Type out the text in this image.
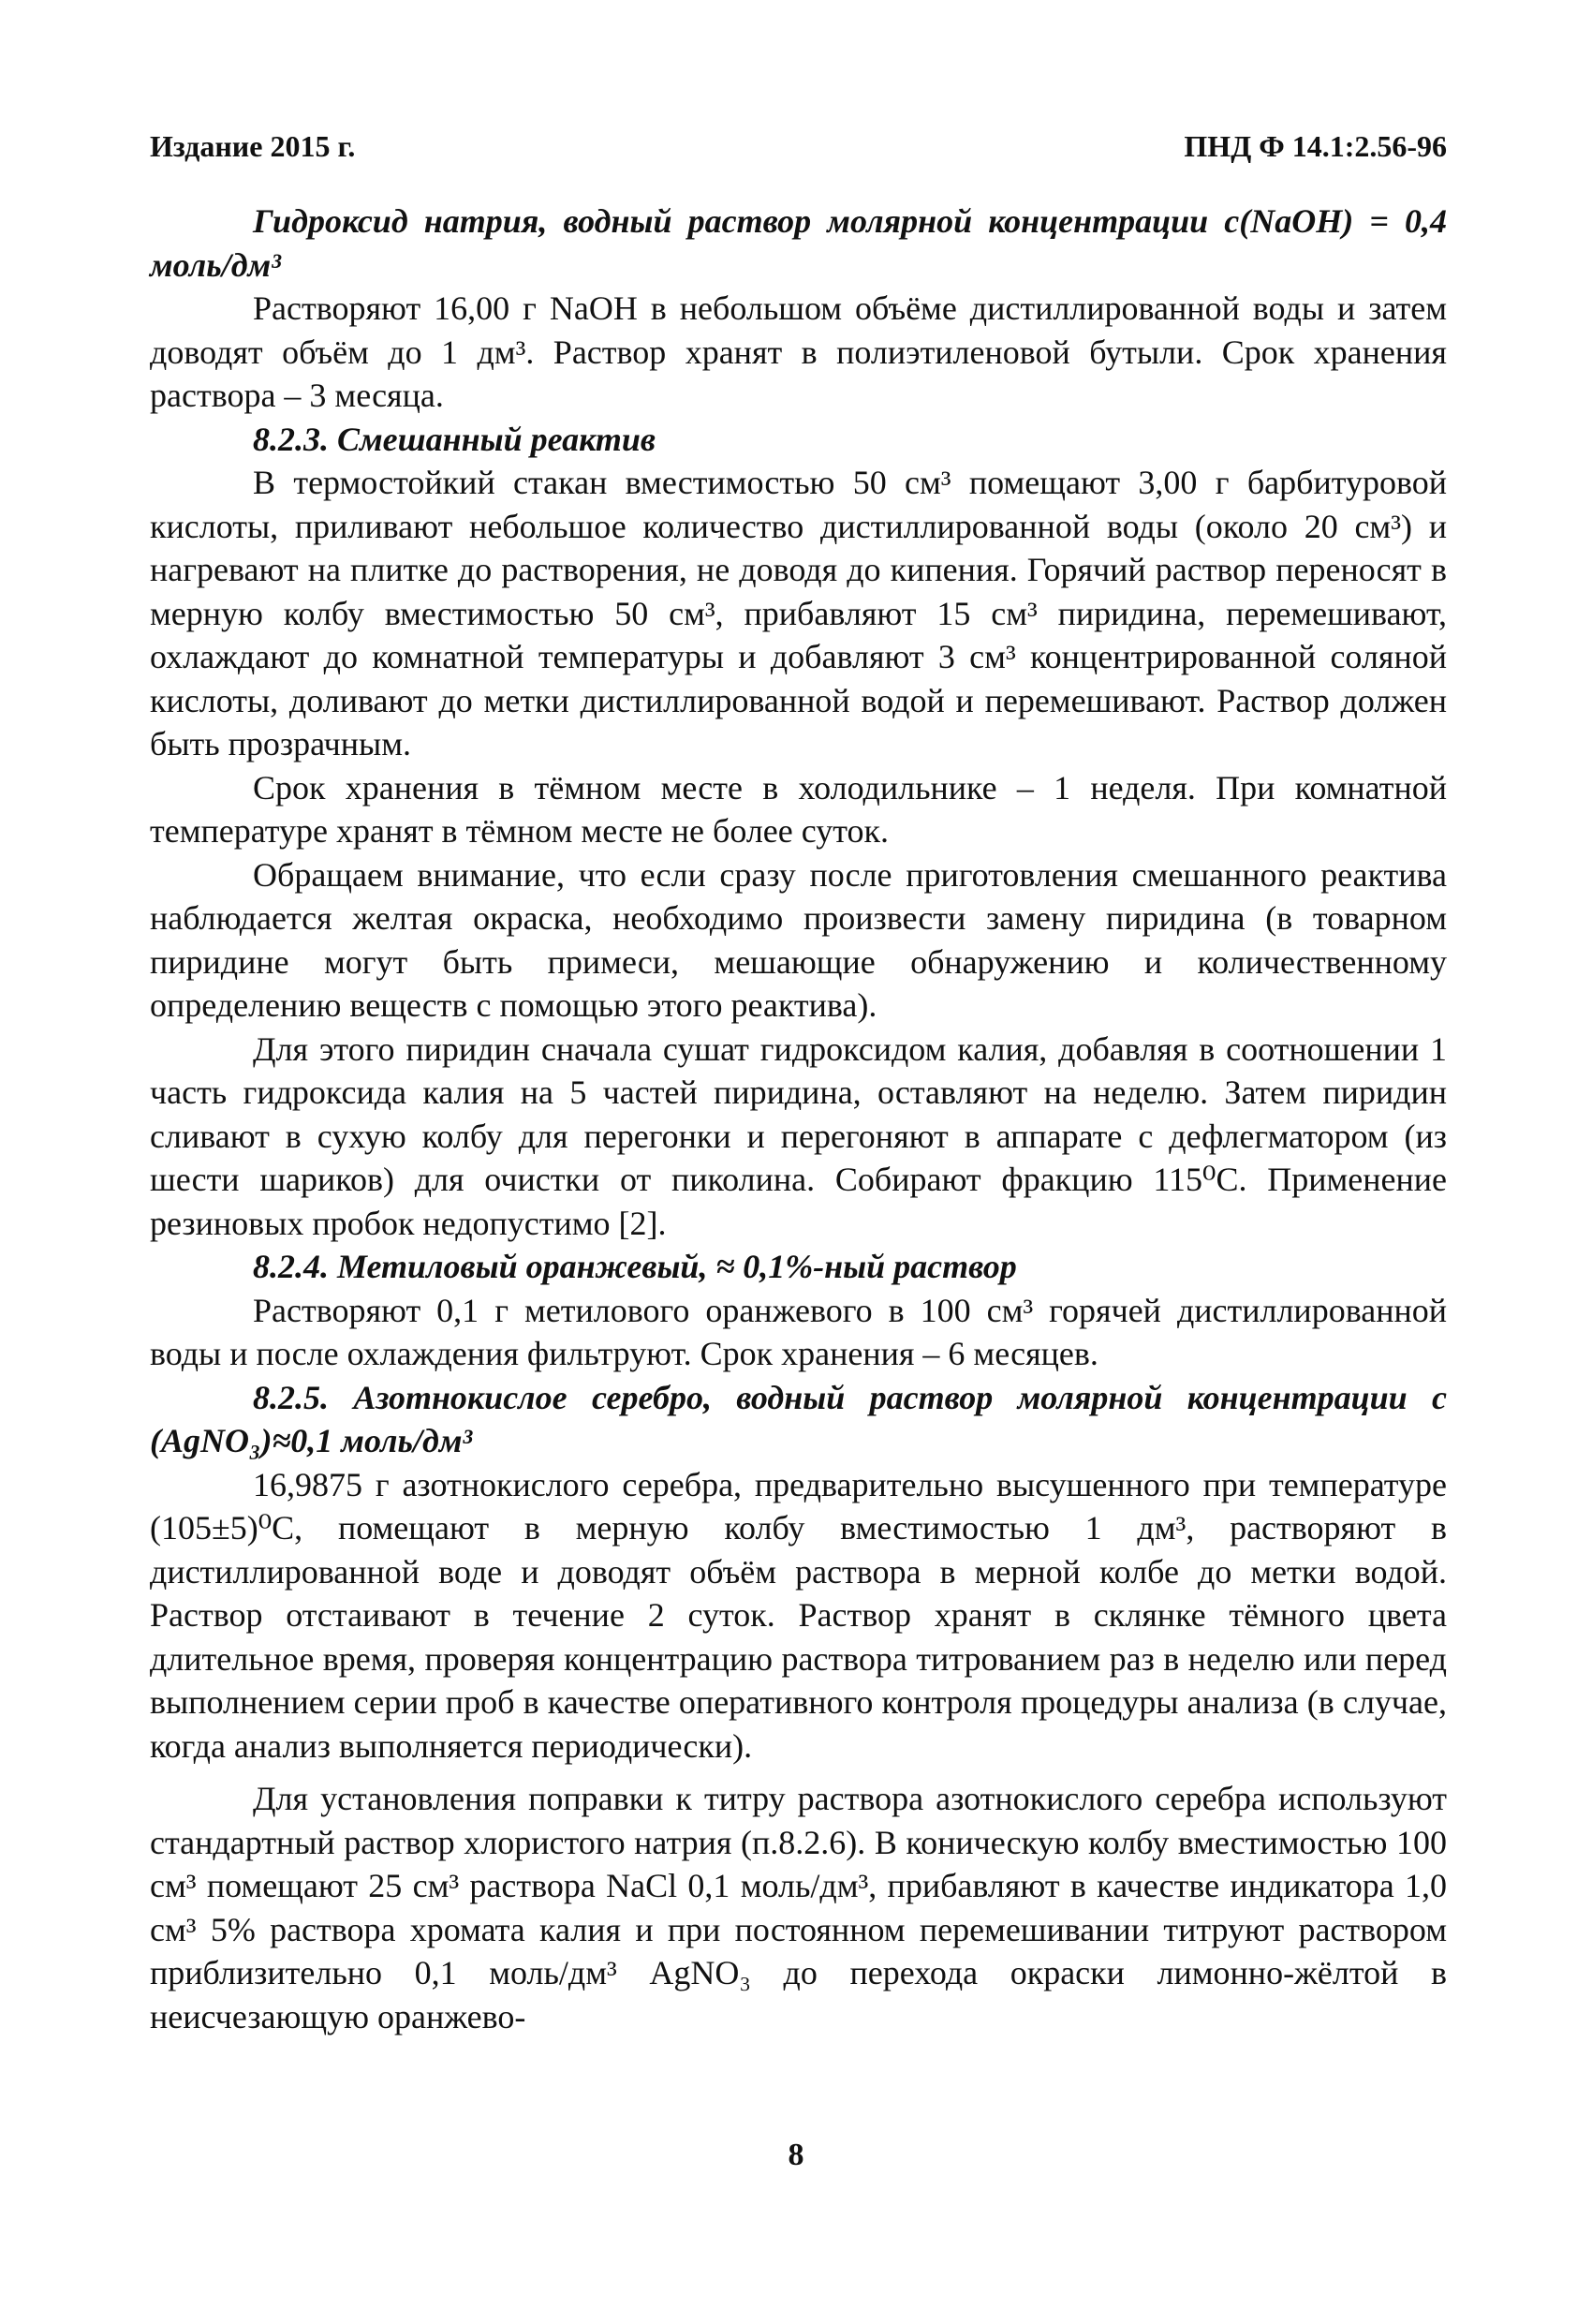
Издание 2015 г.	ПНД Ф 14.1:2.56-96

Гидроксид натрия, водный раствор молярной концентрации c(NaOH) = 0,4 моль/дм³

Растворяют 16,00 г NaOH в небольшом объёме дистиллированной воды и затем доводят объём до 1 дм³. Раствор хранят в полиэтиленовой бутыли. Срок хранения раствора – 3 месяца.

8.2.3. Смешанный реактив

В термостойкий стакан вместимостью 50 см³ помещают 3,00 г барбитуровой кислоты, приливают небольшое количество дистиллированной воды (около 20 см³) и нагревают на плитке до растворения, не доводя до кипения. Горячий раствор переносят в мерную колбу вместимостью 50 см³, прибавляют 15 см³ пиридина, перемешивают, охлаждают до комнатной температуры и добавляют 3 см³ концентрированной соляной кислоты, доливают до метки дистиллированной водой и перемешивают. Раствор должен быть прозрачным.

Срок хранения в тёмном месте в холодильнике – 1 неделя. При комнатной температуре хранят в тёмном месте не более суток.

Обращаем внимание, что если сразу после приготовления смешанного реактива наблюдается желтая окраска, необходимо произвести замену пиридина (в товарном пиридине могут быть примеси, мешающие обнаружению и количественному определению веществ с помощью этого реактива).

Для этого пиридин сначала сушат гидроксидом калия, добавляя в соотношении 1 часть гидроксида калия на 5 частей пиридина, оставляют на неделю. Затем пиридин сливают в сухую колбу для перегонки и перегоняют в аппарате с дефлегматором (из шести шариков) для очистки от пиколина. Собирают фракцию 115⁰С. Применение резиновых пробок недопустимо [2].

8.2.4. Метиловый оранжевый, ≈ 0,1%-ный раствор

Растворяют 0,1 г метилового оранжевого в 100 см³ горячей дистиллированной воды и после охлаждения фильтруют. Срок хранения – 6 месяцев.

8.2.5. Азотнокислое серебро, водный раствор молярной концентрации c (AgNO₃)≈0,1 моль/дм³

16,9875 г азотнокислого серебра, предварительно высушенного при температуре (105±5)⁰С, помещают в мерную колбу вместимостью 1 дм³, растворяют в дистиллированной воде и доводят объём раствора в мерной колбе до метки водой. Раствор отстаивают в течение 2 суток. Раствор хранят в склянке тёмного цвета длительное время, проверяя концентрацию раствора титрованием раз в неделю или перед выполнением серии проб в качестве оперативного контроля процедуры анализа (в случае, когда анализ выполняется периодически).

Для установления поправки к титру раствора азотнокислого серебра используют стандартный раствор хлористого натрия (п.8.2.6). В коническую колбу вместимостью 100 см³ помещают 25 см³ раствора NaCl 0,1 моль/дм³, прибавляют в качестве индикатора 1,0 см³ 5% раствора хромата калия и при постоянном перемешивании титруют раствором приблизительно 0,1 моль/дм³ AgNO₃ до перехода окраски лимонно-жёлтой в неисчезающую оранжево-

8
